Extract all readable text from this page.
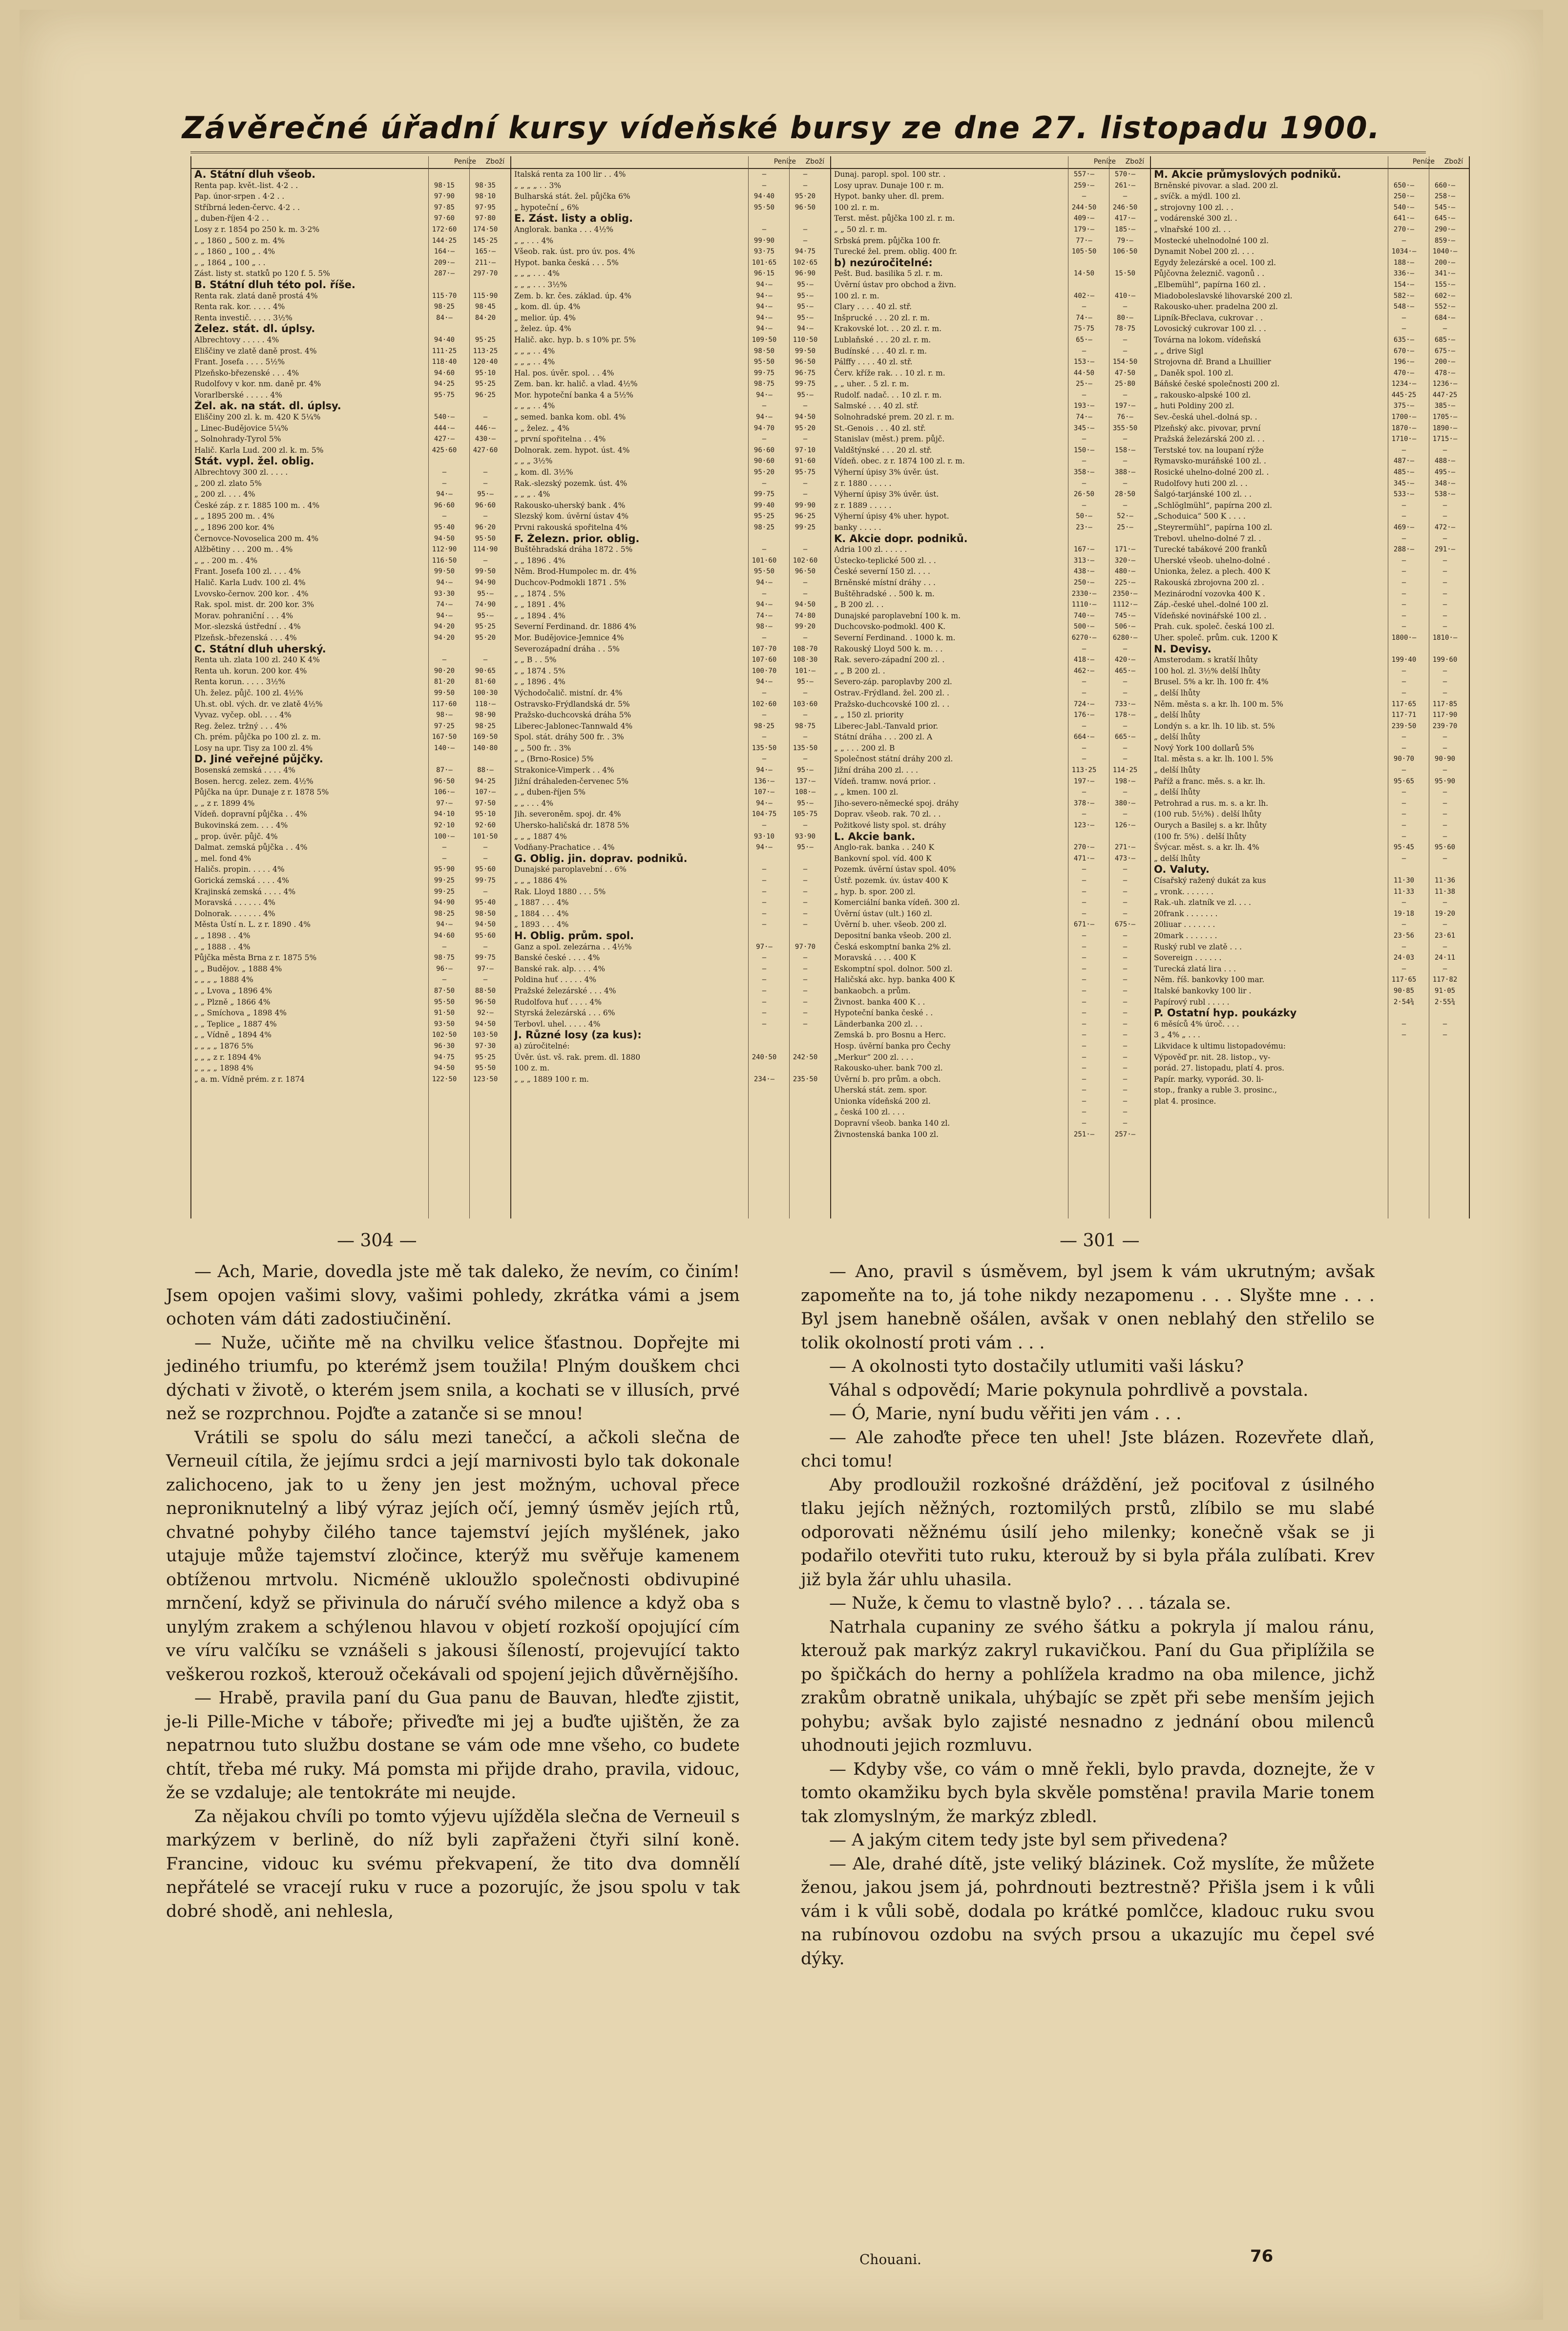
Závěrečné úřadní kursy vídeňské bursy ze dne 27. listopadu 1900.
Peníze Zboží
A. Státní dluh všeob.
Renta pap. květ.-list. 4·2 . .	98·15	98·35
Pap. únor-srpen . 4·2 . .	97·90	98·10
Stříbrná leden-červc. 4·2 . .	97·85	97·95
„ duben-říjen 4·2 . .	97·60	97·80
Losy z r. 1854 po 250 k. m. 3·2%	172·60	174·50
„ „ 1860 „ 500 z. m. 4%	144·25	145·25
„ „ 1860 „ 100 „ . 4%	164·—	165·—
„ „ 1864 „ 100 „ . .	209·—	211·—
Zást. listy st. statků po 120 f. 5. 5%	287·—	297·70
B. Státní dluh této pol. říše.
Renta rak. zlatá daně prostá 4%	115·70	115·90
Renta rak. kor. . . . . 4%	98·25	98·45
Renta investič. . . . . 3½%	84·—	84·20
Želez. stát. dl. úplsy.
Albrechtovy . . . . . 4%	94·40	95·25
Eliščiny ve zlatě daně prost. 4%	111·25	113·25
Frant. Josefa . . . . 5½%	118·40	120·40
Plzeňsko-březenské . . . 4%	94·60	95·10
Rudolfovy v kor. nm. daně pr. 4%	94·25	95·25
Vorarlberské . . . . . 4%	95·75	96·25
Žel. ak. na stát. dl. úplsy.
Eliščiny 200 zl. k. m. 420 K 5¼%	540·—	—
„ Linec-Budějovice 5¼%	444·—	446·—
„ Solnohrady-Tyrol 5%	427·—	430·—
Halič. Karla Lud. 200 zl. k. m. 5%	425·60	427·60
Stát. vypl. žel. oblig.
Albrechtovy 300 zl. . . . .	—	—
„ 200 zl. zlato 5%	—	—
„ 200 zl. . . . 4%	94·—	95·—
České záp. z r. 1885 100 m. . 4%	96·60	96·60
„ „ 1895 200 m. . 4%	—	—
„ „ 1896 200 kor. 4%	95·40	96·20
Černovce-Novoselica 200 m. 4%	94·50	95·50
Alžbětiny . . . 200 m. . 4%	112·90	114·90
„ „ . 200 m. . 4%	116·50	—
Frant. Josefa 100 zl. . . . 4%	99·50	99·50
Halič. Karla Ludv. 100 zl. 4%	94·—	94·90
Lvovsko-černov. 200 kor. . 4%	93·30	95·—
Rak. spol. mist. dr. 200 kor. 3%	74·—	74·90
Morav. pohraniční . . . 4%	94·—	95·—
Mor.-slezská ústřední . . 4%	94·20	95·25
Plzeňsk.-březenská . . . 4%	94·20	95·20
C. Státní dluh uherský.
Renta uh. zlata 100 zl. 240 K 4%	—	—
Renta uh. korun. 200 kor. 4%	90·20	90·65
Renta korun. . . . . 3½%	81·20	81·60
Uh. želez. půjč. 100 zl. 4½%	99·50	100·30
Uh.st. obl. vých. dr. ve zlatě 4½%	117·60	118·—
Vyvaz. vyčep. obl. . . . 4%	98·—	98·90
Reg. želez. tržný . . . 4%	97·25	98·25
Ch. prém. půjčka po 100 zl. z. m.	167·50	169·50
Losy na upr. Tisy za 100 zl. 4%	140·—	140·80
D. Jiné veřejné půjčky.
Bosenská zemská . . . . 4%	87·—	88·—
Bosen. hercg. zelez. zem. 4½%	96·50	94·25
Půjčka na úpr. Dunaje z r. 1878 5%	106·—	107·—
„ „ z r. 1899 4%	97·—	97·50
Vídeň. dopravní půjčka . . 4%	94·10	95·10
Bukovinská zem. . . . 4%	92·10	92·60
„ prop. úvěr. půjč. 4%	100·—	101·50
Dalmat. zemská půjčka . . 4%	—	—
„ mel. fond 4%	—	—
Haličs. propin. . . . . 4%	95·90	95·60
Gorická zemská . . . . 4%	99·25	99·75
Krajinská zemská . . . . 4%	99·25	—
Moravská . . . . . . 4%	94·90	95·40
Dolnorak. . . . . . . 4%	98·25	98·50
Města Ústí n. L. z r. 1890 . 4%	94·—	94·50
„ „ 1898 . . 4%	94·60	95·60
„ „ 1888 . . 4%	—	—
Půjčka města Brna z r. 1875 5%	98·75	99·75
„ „ Budějov. „ 1888 4%	96·—	97·—
„ „ „ „ 1888 4%	—	—
„ „ Lvova „ 1896 4%	87·50	88·50
„ „ Plzně „ 1866 4%	95·50	96·50
„ „ Smíchova „ 1898 4%	91·50	92·—
„ „ Teplice „ 1887 4%	93·50	94·50
„ „ Vídně „ 1894 4%	102·50	103·50
„ „ „ „ 1876 5%	96·30	97·30
„ „ „ z r. 1894 4%	94·75	95·25
„ „ „ „ 1898 4%	94·50	95·50
„ a. m. Vídně prém. z r. 1874	122·50	123·50
Peníze Zboží
Italská renta za 100 lir . . 4%	—	—
„ „ „ „ . . 3%	—	—
Bulharská stát. žel. půjčka 6%	94·40	95·20
„ hypoteční „ 6%	95·50	96·50
E. Zást. listy a oblig.
Anglorak. banka . . . 4½%	—	—
„ „ . . . 4%	99·90	—
Všeob. rak. úst. pro úv. pos. 4%	93·75	94·75
Hypot. banka česká . . . 5%	101·65	102·65
„ „ „ . . . 4%	96·15	96·90
„ „ „ . . . 3½%	94·—	95·—
Zem. b. kr. čes. základ. úp. 4%	94·—	95·—
„ kom. dl. úp. 4%	94·—	95·—
„ melior. úp. 4%	94·—	95·—
„ želez. úp. 4%	94·—	94·—
Halič. akc. hyp. b. s 10% pr. 5%	109·50	110·50
„ „ „ . . 4%	98·50	99·50
„ „ „ . . 4%	95·50	96·50
Hal. pos. úvěr. spol. . . 4%	99·75	96·75
Zem. ban. kr. halič. a vlad. 4½%	98·75	99·75
Mor. hypoteční banka 4 a 5½%	94·—	95·—
„ „ „ . . 4%	—	—
„ semed. banka kom. obl. 4%	94·—	94·50
„ „ želez. „ 4%	94·70	95·20
„ první spořitelna . . 4%	—	—
Dolnorak. zem. hypot. úst. 4%	96·60	97·10
„ „ „ 3½%	90·60	91·60
„ kom. dl. 3½%	95·20	95·75
Rak.-slezský pozemk. úst. 4%	—	—
„ „ „ . 4%	99·75	—
Rakousko-uherský bank . 4%	99·40	99·90
Slezský kom. úvěrní ústav 4%	95·25	96·25
Prvni rakouská spořitelna 4%	98·25	99·25
F. Železn. prior. oblig.
Buštěhradská dráha 1872 . 5%	—	—
„ „ 1896 . 4%	101·60	102·60
Něm. Brod-Humpolec m. dr. 4%	95·50	96·50
Duchcov-Podmokli 1871 . 5%	94·—	—
„ „ 1874 . 5%	—	—
„ „ 1891 . 4%	94·—	94·50
„ „ 1894 . 4%	74·—	74·80
Severní Ferdinand. dr. 1886 4%	98·—	99·20
Mor. Budějovice-Jemnice 4%	—	—
Severozápadní dráha . . 5%	107·70	108·70
„ „ B . . 5%	107·60	108·30
„ „ 1874 . 5%	100·70	101·—
„ „ 1896 . 4%	94·—	95·—
Východočalič. mistní. dr. 4%	—	—
Ostravsko-Frýdlandská dr. 5%	102·60	103·60
Pražsko-duchcovská dráha 5%	—	—
Liberec-Jablonec-Tannwald 4%	98·25	98·75
Spol. stát. dráhy 500 fr. . 3%	—	—
„ „ 500 fr. . 3%	135·50	135·50
„ „ (Brno-Rosice) 5%	—	—
Strakonice-Vimperk . . 4%	94·—	95·—
Jižní dráhaleden-červenec 5%	136·—	137·—
„ „ duben-říjen 5%	107·—	108·—
„ „ . . . 4%	94·—	95·—
Jih. severoněm. spoj. dr. 4%	104·75	105·75
Uhersko-haličská dr. 1878 5%	—	—
„ „ „ 1887 4%	93·10	93·90
Vodňany-Prachatice . . 4%	94·—	95·—
G. Oblig. jin. doprav. podniků.
Dunajské paroplavební . . 6%	—	—
„ „ „ 1886 4%	—	—
Rak. Lloyd 1880 . . . 5%	—	—
„ 1887 . . . 4%	—	—
„ 1884 . . . 4%	—	—
„ 1893 . . . 4%	—	—
H. Oblig. prům. spol.
Ganz a spol. zelezárna . . 4½%	97·—	97·70
Banské české . . . . 4%	—	—
Banské rak. alp. . . . 4%	—	—
Poldina huť . . . . . 4%	—	—
Pražské železárské . . . 4%	—	—
Rudolfova huť . . . . 4%	—	—
Styrská železárská . . . 6%	—	—
Terbovl. uhel. . . . . 4%	—	—
J. Různé losy (za kus):
a) zúročitelné:
Úvěr. úst. vš. rak. prem. dl. 1880	240·50	242·50
100 z. m.
„ „ „ 1889 100 r. m.	234·—	235·50
Peníze Zboží
Dunaj. paropl. spol. 100 str. .	557·—	570·—
Losy uprav. Dunaje 100 r. m.	259·—	261·—
Hypot. banky uher. dl. prem.	—	—
100 zl. r. m.	244·50	246·50
Terst. měst. půjčka 100 zl. r. m.	409·—	417·—
„ „ 50 zl. r. m.	179·—	185·—
Srbská prem. půjčka 100 fr.	77·—	79·—
Turecké žel. prem. oblig. 400 fr.	105·50	106·50
b) nezúročitelné:
Pešt. Bud. basilika 5 zl. r. m.	14·50	15·50
Úvěrní ústav pro obchod a živn.
100 zl. r. m.	402·—	410·—
Clary . . . . 40 zl. stř.	—	—
Inšprucké . . . 20 zl. r. m.	74·—	80·—
Krakovské lot. . . 20 zl. r. m.	75·75	78·75
Lublaňské . . . 20 zl. r. m.	65·—	—
Budínské . . . 40 zl. r. m.	—	—
Pálffy . . . . 40 zl. stř.	153·—	154·50
Červ. kříže rak. . . 10 zl. r. m.	44·50	47·50
„ „ uher. . 5 zl. r. m.	25·—	25·80
Rudolf. nadač. . . 10 zl. r. m.	—	—
Salmské . . . 40 zl. stř.	193·—	197·—
Solnohradské prem. 20 zl. r. m.	74·—	76·—
St.-Genois . . . 40 zl. stř.	345·—	355·50
Stanislav (měst.) prem. půjč.	—	—
Valdštýnské . . . 20 zl. stř.	150·—	158·—
Vídeň. obec. z r. 1874 100 zl. r. m.	—	—
Výherní úpisy 3% úvěr. úst.	358·—	388·—
z r. 1880 . . . . .	—	—
Výherní úpisy 3% úvěr. úst.	26·50	28·50
z r. 1889 . . . . .	—	—
Výherní úpisy 4% uher. hypot.	50·—	52·—
banky . . . . .	23·—	25·—
K. Akcie dopr. podniků.
Adria 100 zl. . . . . .	167·—	171·—
Ústecko-teplické 500 zl. . .	313·—	320·—
České severní 150 zl. . . .	438·—	480·—
Brněnské místní dráhy . . .	250·—	225·—
Buštěhradské . . 500 k. m.	2330·—	2350·—
„ B 200 zl. . .	1110·—	1112·—
Dunajské paroplavební 100 k. m.	740·—	745·—
Duchcovsko-podmokl. 400 K.	500·—	506·—
Severní Ferdinand. . 1000 k. m.	6270·—	6280·—
Rakouský Lloyd 500 k. m. . .	—	—
Rak. severo-západní 200 zl. .	418·—	420·—
„ „ B 200 zl. .	462·—	465·—
Severo-záp. paroplavby 200 zl.	—	—
Ostrav.-Frýdland. žel. 200 zl. .	—	—
Pražsko-duchcovské 100 zl. . .	724·—	733·—
„ „ 150 zl. priority	176·—	178·—
Liberec-Jabl.-Tanvald prior.	—	—
Státní dráha . . . 200 zl. A	664·—	665·—
„ „ . . . 200 zl. B	—	—
Společnost státní dráhy 200 zl.	—	—
Jižní dráha 200 zl. . . .	113·25	114·25
Vídeň. tramw. nová prior. .	197·—	198·—
„ „ kmen. 100 zl.	—	—
Jiho-severo-německé spoj. dráhy	378·—	380·—
Doprav. všeob. rak. 70 zl. . .	—	—
Požitkové listy spol. st. dráhy	123·—	126·—
L. Akcie bank.
Anglo-rak. banka . . 240 K	270·—	271·—
Bankovní spol. víd. 400 K	471·—	473·—
Pozemk. úvěrní ústav spol. 40%	—	—
Ústř. pozemk. úv. ústav 400 K	—	—
„ hyp. b. spor. 200 zl.	—	—
Komerciální banka vídeň. 300 zl.	—	—
Úvěrní ústav (ult.) 160 zl.	—	—
Úvěrní b. uher. všeob. 200 zl.	671·—	675·—
Depositní banka všeob. 200 zl.	—	—
Česká eskomptní banka 2% zl.	—	—
Moravská . . . . 400 K	—	—
Eskomptní spol. dolnor. 500 zl.	—	—
Haličská akc. hyp. banka 400 K	—	—
bankaobch. a prům.	—	—
Živnost. banka 400 K . .	—	—
Hypoteční banka české . .	—	—
Länderbanka 200 zl. . .	—	—
Zemská b. pro Bosnu a Herc.	—	—
Hosp. úvěrní banka pro Čechy	—	—
„Merkur“ 200 zl. . . .	—	—
Rakousko-uher. bank 700 zl.	—	—
Úvěrní b. pro prům. a obch.	—	—
Uherská stát. zem. spor.	—	—
Unionka vídeňská 200 zl.	—	—
„ česká 100 zl. . . .	—	—
Dopravní všeob. banka 140 zl.	—	—
Živnostenská banka 100 zl.	251·—	257·—
Peníze Zboží
M. Akcie průmyslových podniků.
Brněnské pivovar. a slad. 200 zl.	650·—	660·—
„ svíčk. a mýdl. 100 zl.	250·—	258·—
„ strojovny 100 zl. . .	540·—	545·—
„ vodárenské 300 zl. .	641·—	645·—
„ vlnařské 100 zl. . .	270·—	290·—
Mostecké uhelnodolné 100 zl.	—	859·—
Dynamit Nobel 200 zl. . . .	1034·—	1040·—
Egydy železárské a ocel. 100 zl.	188·—	200·—
Půjčovna železnič. vagonů . .	336·—	341·—
„Elbemühl“, papírna 160 zl. .	154·—	155·—
Miadoboleslavské lihovarské 200 zl.	582·—	602·—
Rakousko-uher. pradelna 200 zl.	548·—	552·—
Lipník-Břeclava, cukrovar . .	—	684·—
Lovosický cukrovar 100 zl. . .	—	—
Továrna na lokom. vídeňská	635·—	685·—
„ „ drive Sigl	670·—	675·—
Strojovna dř. Brand a Lhuillier	196·—	200·—
„ Daněk spol. 100 zl.	470·—	478·—
Báňské české společnosti 200 zl.	1234·—	1236·—
„ rakousko-alpské 100 zl.	445·25	447·25
„ huti Poldiny 200 zl.	375·—	385·—
Sev.-česká uhel.-dolná sp. .	1700·—	1705·—
Plzeňský akc. pivovar, první	1870·—	1890·—
Pražská železárská 200 zl. . .	1710·—	1715·—
Terstské tov. na loupaní rýže	—	—
Rymavsko-muráňské 100 zl. .	487·—	488·—
Rosické uhelno-dolné 200 zl. .	485·—	495·—
Rudolfovy huti 200 zl. . .	345·—	348·—
Šalgó-tarjánské 100 zl. . .	533·—	538·—
„Schlöglmühl“, papírna 200 zl.	—	—
„Schoduica“ 500 K . . . .	—	—
„Steyrermühl“, papírna 100 zl.	469·—	472·—
Trebovl. uhelno-dolné 7 zl. .	—	—
Turecké tabákové 200 franků	288·—	291·—
Uherské všeob. uhelno-dolné .	—	—
Unionka, želez. a plech. 400 K	—	—
Rakouská zbrojovna 200 zl. .	—	—
Mezinárodní vozovka 400 K .	—	—
Záp.-české uhel.-dolné 100 zl.	—	—
Vídeňské novinářské 100 zl. .	—	—
Prah. cuk. společ. česká 100 zl.	—	—
Uher. společ. prům. cuk. 1200 K	1800·—	1810·—
N. Devisy.
Amsterodam. s kratší lhůty	199·40	199·60
100 hol. zl. 3½% delší lhůty	—	—
Brusel. 5% a kr. lh. 100 fr. 4%	—	—
„ delší lhůty	—	—
Něm. města s. a kr. lh. 100 m. 5%	117·65	117·85
„ delší lhůty	117·71	117·90
Londýn s. a kr. lh. 10 lib. st. 5%	239·50	239·70
„ delší lhůty	—	—
Nový York 100 dollarů 5%	—	—
Ital. města s. a kr. lh. 100 l. 5%	90·70	90·90
„ delší lhůty	—	—
Paříž a franc. měs. s. a kr. lh.	95·65	95·90
„ delší lhůty	—	—
Petrohrad a rus. m. s. a kr. lh.	—	—
(100 rub. 5½%) . delší lhůty	—	—
Ourych a Basilej s. a kr. lhůty	—	—
(100 fr. 5%) . delší lhůty	—	—
Švýcar. měst. s. a kr. lh. 4%	95·45	95·60
„ delší lhůty	—	—
O. Valuty.
Císařský ražený dukát za kus	11·30	11·36
„ vronk. . . . . . .	11·33	11·38
Rak.-uh. zlatník ve zl. . . .	—	—
20frank . . . . . . .	19·18	19·20
20liuar . . . . . . .	—	—
20mark . . . . . . .	23·56	23·61
Ruský rubl ve zlatě . . .	—	—
Sovereign . . . . . .	24·03	24·11
Turecká zlatá lira . . .	—	—
Něm. říš. bankovky 100 mar.	117·65	117·82
Italské bankovky 100 lir .	90·85	91·05
Papírový rubl . . . . .	2·54¾	2·55¾
P. Ostatní hyp. poukázky
6 měsíců 4% úroč. . . .	—	—
3 „ 4% „ . . .	—	—
Likvidace k ultimu listopadovému:
Výpověď pr. nit. 28. listop., vy-
porád. 27. listopadu, platí 4. pros.
Papír. marky, vyporád. 30. li-
stop., franky a ruble 3. prosinc.,
plat 4. prosince.
— 304 —	— 301 —

— Ach, Marie, dovedla jste mě tak daleko, že nevím, co činím! Jsem opojen vašimi slovy, vašimi pohledy, zkrátka vámi a jsem ochoten vám dáti zadostiučinění.

— Nuže, učiňte mě na chvilku velice šťastnou. Dopřejte mi jediného triumfu, po kterémž jsem toužila! Plným douškem chci dýchati v životě, o kterém jsem snila, a kochati se v illusích, prvé než se rozprchnou. Pojďte a zatanče si se mnou!

Vrátili se spolu do sálu mezi tanečcí, a ačkoli slečna de Verneuil cítila, že jejímu srdci a její marnivosti bylo tak dokonale zalichoceno, jak to u ženy jen jest možným, uchoval přece neproniknutelný a libý výraz jejích očí, jemný úsměv jejích rtů, chvatné pohyby čilého tance tajemství jejích myšlének, jako utajuje může tajemství zločince, kterýž mu svěřuje kamenem obtíženou mrtvolu. Nicméně ukloužlo společnosti obdivupiné mrnčení, když se přivinula do náručí svého milence a když oba s unylým zrakem a schýlenou hlavou v objetí rozkoší opojující cím ve víru valčíku se vznášeli s jakousi šíleností, projevující takto veškerou rozkoš, kterouž očekávali od spojení jejich důvěrnějšího.

— Hrabě, pravila paní du Gua panu de Bauvan, hleďte zjistit, je-li Pille-Miche v táboře; přiveďte mi jej a buďte ujištěn, že za nepatrnou tuto službu dostane se vám ode mne všeho, co budete chtít, třeba mé ruky. Má pomsta mi přijde draho, pravila, vidouc, že se vzdaluje; ale tentokráte mi neujde.

Za nějakou chvíli po tomto výjevu ujížděla slečna de Verneuil s markýzem v berlině, do níž byli zapřaženi čtyři silní koně. Francine, vidouc ku svému překvapení, že tito dva domnělí nepřátelé se vracejí ruku v ruce a pozorujíc, že jsou spolu v tak dobré shodě, ani nehlesla,

— Ano, pravil s úsměvem, byl jsem k vám ukrutným; avšak zapomeňte na to, já tohe nikdy nezapomenu . . . Slyšte mne . . . Byl jsem hanebně ošálen, avšak v onen neblahý den střelilo se tolik okolností proti vám . . .

— A okolnosti tyto dostačily utlumiti vaši lásku?

Váhal s odpovědí; Marie pokynula pohrdlivě a povstala.

— Ó, Marie, nyní budu věřiti jen vám . . .

— Ale zahoďte přece ten uhel! Jste blázen. Rozevřete dlaň, chci tomu!

Aby prodloužil rozkošné dráždění, jež pociťoval z úsilného tlaku jejích něžných, roztomilých prstů, zlíbilo se mu slabé odporovati něžnému úsilí jeho milenky; konečně však se ji podařilo otevřiti tuto ruku, kterouž by si byla přála zulíbati. Krev již byla žár uhlu uhasila.

— Nuže, k čemu to vlastně bylo? . . . tázala se.

Natrhala cupaniny ze svého šátku a pokryla jí malou ránu, kterouž pak markýz zakryl rukavičkou. Paní du Gua připlížila se po špičkách do herny a pohlížela kradmo na oba milence, jichž zrakům obratně unikala, uhýbajíc se zpět při sebe menším jejich pohybu; avšak bylo zajisté nesnadno z jednání obou milenců uhodnouti jejich rozmluvu.

— Kdyby vše, co vám o mně řekli, bylo pravda, doznejte, že v tomto okamžiku bych byla skvěle pomstěna! pravila Marie tonem tak zlomyslným, že markýz zbledl.

— A jakým citem tedy jste byl sem přivedena?

— Ale, drahé dítě, jste veliký blázinek. Což myslíte, že můžete ženou, jakou jsem já, pohrdnouti beztrestně? Přišla jsem i k vůli vám i k vůli sobě, dodala po krátké pomlčce, kladouc ruku svou na rubínovou ozdobu na svých prsou a ukazujíc mu čepel své dýky.

Chouani.	76
